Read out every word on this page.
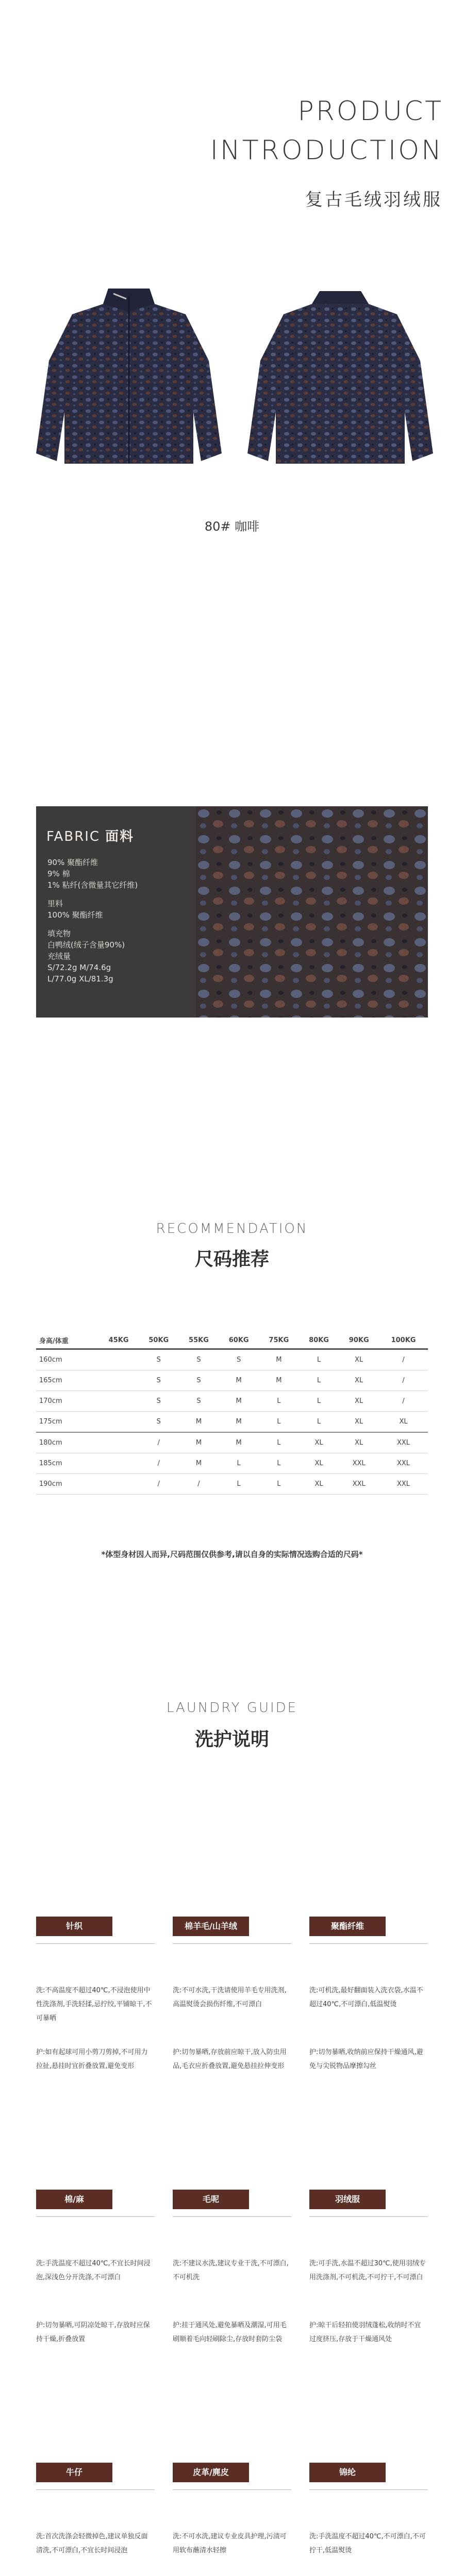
PRODUCT
INTRODUCTION
复古毛绒羽绒服
80# 咖啡
FABRIC 面料
90% 聚酯纤维
9% 棉
1% 粘纤(含微量其它纤维)
里料
100% 聚酯纤维
填充物
白鸭绒(绒子含量90%)
充绒量
S/72.2g M/74.6g
L/77.0g XL/81.3g
RECOMMENDATION
尺码推荐
身高/体重	45KG	50KG	55KG	60KG	75KG	80KG	90KG	100KG
160cm		S	S	S	M	L	XL	/
165cm		S	S	M	M	L	XL	/
170cm		S	S	M	L	L	XL	/
175cm		S	M	M	L	L	XL	XL
180cm		/	M	M	L	XL	XL	XXL
185cm		/	M	L	L	XL	XXL	XXL
190cm		/	/	L	L	XL	XXL	XXL
*体型身材因人而异,尺码范围仅供参考,请以自身的实际情况选购合适的尺码*
LAUNDRY GUIDE
洗护说明
针织
洗:不高温度不超过40℃,不浸泡使用中性洗涤剂,手洗轻揉,忌拧绞,平铺晾干,不可暴晒
护:如有起球可用小剪刀剪掉,不可用力拉扯,悬挂时宜折叠放置,避免变形
棉羊毛/山羊绒
洗:不可水洗,干洗请使用羊毛专用洗剂,高温熨烫会损伤纤维,不可漂白
护:切勿暴晒,存放前应晾干,放入防虫用品,毛衣应折叠放置,避免悬挂拉伸变形
聚酯纤维
洗:可机洗,最好翻面装入洗衣袋,水温不超过40℃,不可漂白,低温熨烫
护:切勿暴晒,收纳前应保持干燥通风,避免与尖锐物品摩擦勾丝
棉/麻
洗:手洗温度不超过40℃,不宜长时间浸泡,深浅色分开洗涤,不可漂白
护:切勿暴晒,可阴凉处晾干,存放时应保持干燥,折叠放置
毛呢
洗:不建议水洗,建议专业干洗,不可漂白,不可机洗
护:挂于通风处,避免暴晒及潮湿,可用毛刷顺着毛向轻刷除尘,存放时套防尘袋
羽绒服
洗:可手洗,水温不超过30℃,使用羽绒专用洗涤剂,不可机洗,不可拧干,不可漂白
护:晾干后轻拍使羽绒蓬松,收纳时不宜过度挤压,存放于干燥通风处
牛仔
洗:首次洗涤会轻微掉色,建议单独反面清洗,不可漂白,不宜长时间浸泡
皮革/麂皮
洗:不可水洗,建议专业皮具护理,污渍可用软布蘸清水轻擦
锦纶
洗:手洗温度不超过40℃,不可漂白,不可拧干,低温熨烫
